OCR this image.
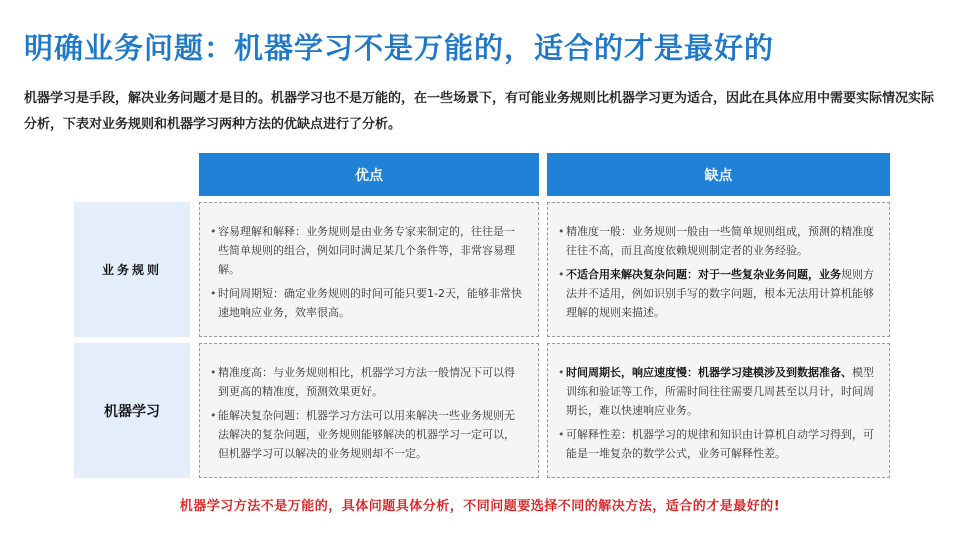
明确业务问题：机器学习不是万能的，适合的才是最好的
机器学习是手段，解决业务问题才是目的。机器学习也不是万能的，在一些场景下，有可能业务规则比机器学习更为适合，因此在具体应用中需要实际情况实际分析，下表对业务规则和机器学习两种方法的优缺点进行了分析。
优点	缺点
业务规则
机器学习
• 容易理解和解释：业务规则是由业务专家来制定的，往往是一些简单规则的组合，例如同时满足某几个条件等，非常容易理解。
• 时间周期短：确定业务规则的时间可能只要1-2天，能够非常快速地响应业务，效率很高。
• 精准度一般：业务规则一般由一些简单规则组成，预测的精准度往往不高，而且高度依赖规则制定者的业务经验。
• 不适合用来解决复杂问题：对于一些复杂业务问题，业务规则方法并不适用，例如识别手写的数字问题，根本无法用计算机能够理解的规则来描述。
• 精准度高：与业务规则相比，机器学习方法一般情况下可以得到更高的精准度，预测效果更好。
• 能解决复杂问题：机器学习方法可以用来解决一些业务规则无法解决的复杂问题，业务规则能够解决的机器学习一定可以，但机器学习可以解决的业务规则却不一定。
• 时间周期长，响应速度慢：机器学习建模涉及到数据准备、模型训练和验证等工作，所需时间往往需要几周甚至以月计，时间周期长，难以快速响应业务。
• 可解释性差：机器学习的规律和知识由计算机自动学习得到，可能是一堆复杂的数学公式，业务可解释性差。
机器学习方法不是万能的，具体问题具体分析，不同问题要选择不同的解决方法，适合的才是最好的!
